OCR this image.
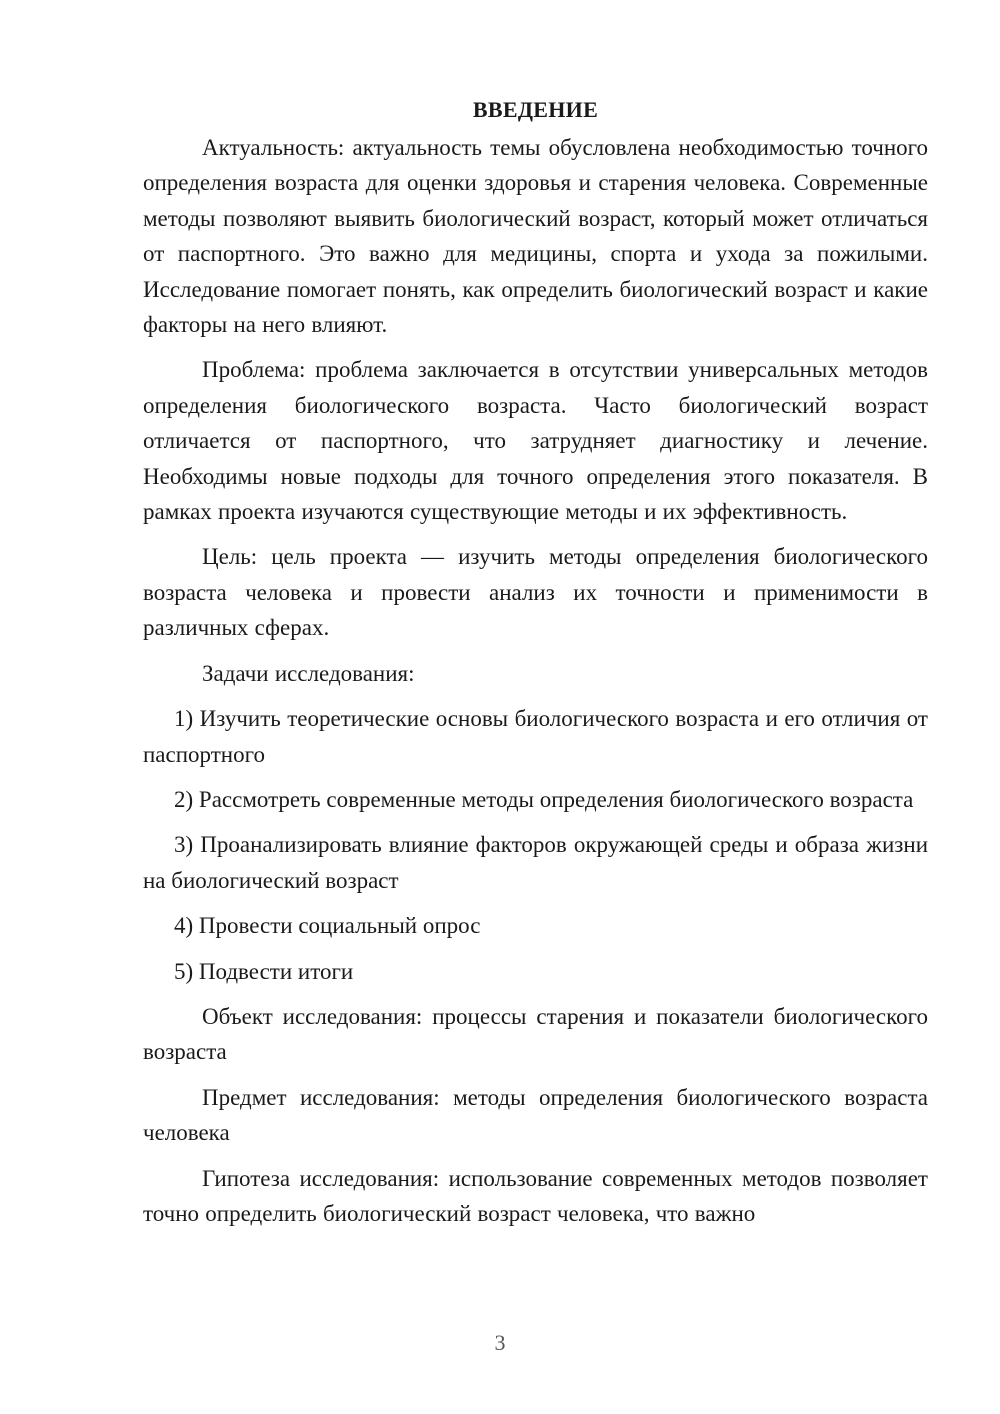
ВВЕДЕНИЕ

Актуальность: актуальность темы обусловлена необходимостью точного определения возраста для оценки здоровья и старения человека. Современные методы позволяют выявить биологический возраст, который может отличаться от паспортного. Это важно для медицины, спорта и ухода за пожилыми. Исследование помогает понять, как определить биологический возраст и какие факторы на него влияют.

Проблема: проблема заключается в отсутствии универсальных методов определения биологического возраста. Часто биологический возраст отличается от паспортного, что затрудняет диагностику и лечение. Необходимы новые подходы для точного определения этого показателя. В рамках проекта изучаются существующие методы и их эффективность.

Цель: цель проекта — изучить методы определения биологического возраста человека и провести анализ их точности и применимости в различных сферах.

Задачи исследования:

1) Изучить теоретические основы биологического возраста и его отличия от паспортного

2) Рассмотреть современные методы определения биологического возраста

3) Проанализировать влияние факторов окружающей среды и образа жизни на биологический возраст

4) Провести социальный опрос

5) Подвести итоги

Объект исследования: процессы старения и показатели биологического возраста

Предмет исследования: методы определения биологического возраста человека

Гипотеза исследования: использование современных методов позволяет точно определить биологический возраст человека, что важно

3
